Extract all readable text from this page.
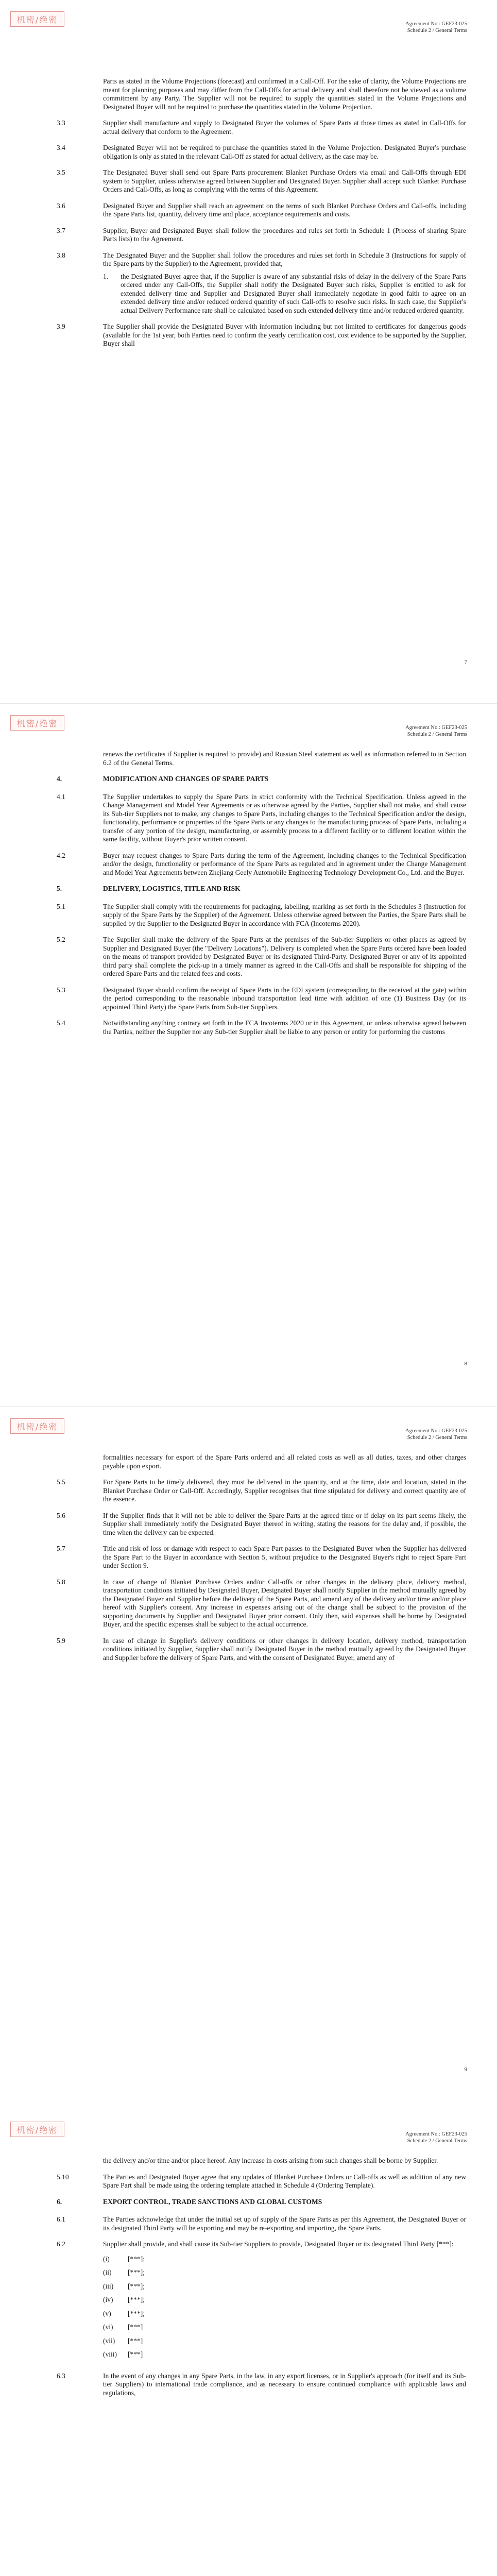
机密/绝密	Agreement No.: GEF23-025
Schedule 2 / General Terms
Parts as stated in the Volume Projections (forecast) and confirmed in a Call-Off. For the sake of clarity, the Volume Projections are meant for planning purposes and may differ from the Call-Offs for actual delivery and shall therefore not be viewed as a volume commitment by any Party. The Supplier will not be required to supply the quantities stated in the Volume Projections and Designated Buyer will not be required to purchase the quantities stated in the Volume Projection.
3.3	Supplier shall manufacture and supply to Designated Buyer the volumes of Spare Parts at those times as stated in Call-Offs for actual delivery that conform to the Agreement.
3.4	Designated Buyer will not be required to purchase the quantities stated in the Volume Projection. Designated Buyer's purchase obligation is only as stated in the relevant Call-Off as stated for actual delivery, as the case may be.
3.5	The Designated Buyer shall send out Spare Parts procurement Blanket Purchase Orders via email and Call-Offs through EDI system to Supplier, unless otherwise agreed between Supplier and Designated Buyer. Supplier shall accept such Blanket Purchase Orders and Call-Offs, as long as complying with the terms of this Agreement.
3.6	Designated Buyer and Supplier shall reach an agreement on the terms of such Blanket Purchase Orders and Call-offs, including the Spare Parts list, quantity, delivery time and place, acceptance requirements and costs.
3.7	Supplier, Buyer and Designated Buyer shall follow the procedures and rules set forth in Schedule 1 (Process of sharing Spare Parts lists) to the Agreement.
3.8	The Designated Buyer and the Supplier shall follow the procedures and rules set forth in Schedule 3 (Instructions for supply of the Spare parts by the Supplier) to the Agreement, provided that,
1.	the Designated Buyer agree that, if the Supplier is aware of any substantial risks of delay in the delivery of the Spare Parts ordered under any Call-Offs, the Supplier shall notify the Designated Buyer such risks, Supplier is entitled to ask for extended delivery time and Supplier and Designated Buyer shall immediately negotiate in good faith to agree on an extended delivery time and/or reduced ordered quantity of such Call-offs to resolve such risks. In such case, the Supplier's actual Delivery Performance rate shall be calculated based on such extended delivery time and/or reduced ordered quantity.
3.9	The Supplier shall provide the Designated Buyer with information including but not limited to certificates for dangerous goods (available for the 1st year, both Parties need to confirm the yearly certification cost, cost evidence to be supported by the Supplier, Buyer shall
7
机密/绝密	Agreement No.: GEF23-025
Schedule 2 / General Terms
renews the certificates if Supplier is required to provide) and Russian Steel statement as well as information referred to in Section 6.2 of the General Terms.
4.	MODIFICATION AND CHANGES OF SPARE PARTS
4.1	The Supplier undertakes to supply the Spare Parts in strict conformity with the Technical Specification. Unless agreed in the Change Management and Model Year Agreements or as otherwise agreed by the Parties, Supplier shall not make, and shall cause its Sub-tier Suppliers not to make, any changes to Spare Parts, including changes to the Technical Specification and/or the design, functionality, performance or properties of the Spare Parts or any changes to the manufacturing process of Spare Parts, including a transfer of any portion of the design, manufacturing, or assembly process to a different facility or to different location within the same facility, without Buyer's prior written consent.
4.2	Buyer may request changes to Spare Parts during the term of the Agreement, including changes to the Technical Specification and/or the design, functionality or performance of the Spare Parts as regulated and in agreement under the Change Management and Model Year Agreements between Zhejiang Geely Automobile Engineering Technology Development Co., Ltd. and the Buyer.
5.	DELIVERY, LOGISTICS, TITLE AND RISK
5.1	The Supplier shall comply with the requirements for packaging, labelling, marking as set forth in the Schedules 3 (Instruction for supply of the Spare Parts by the Supplier) of the Agreement. Unless otherwise agreed between the Parties, the Spare Parts shall be supplied by the Supplier to the Designated Buyer in accordance with FCA (Incoterms 2020).
5.2	The Supplier shall make the delivery of the Spare Parts at the premises of the Sub-tier Suppliers or other places as agreed by Supplier and Designated Buyer (the "Delivery Locations"). Delivery is completed when the Spare Parts ordered have been loaded on the means of transport provided by Designated Buyer or its designated Third-Party. Designated Buyer or any of its appointed third party shall complete the pick-up in a timely manner as agreed in the Call-Offs and shall be responsible for shipping of the ordered Spare Parts and the related fees and costs.
5.3	Designated Buyer should confirm the receipt of Spare Parts in the EDI system (corresponding to the received at the gate) within the period corresponding to the reasonable inbound transportation lead time with addition of one (1) Business Day (or its appointed Third Party) the Spare Parts from Sub-tier Suppliers.
5.4	Notwithstanding anything contrary set forth in the FCA Incoterms 2020 or in this Agreement, or unless otherwise agreed between the Parties, neither the Supplier nor any Sub-tier Supplier shall be liable to any person or entity for performing the customs
8
机密/绝密	Agreement No.: GEF23-025
Schedule 2 / General Terms
formalities necessary for export of the Spare Parts ordered and all related costs as well as all duties, taxes, and other charges payable upon export.
5.5	For Spare Parts to be timely delivered, they must be delivered in the quantity, and at the time, date and location, stated in the Blanket Purchase Order or Call-Off. Accordingly, Supplier recognises that time stipulated for delivery and correct quantity are of the essence.
5.6	If the Supplier finds that it will not be able to deliver the Spare Parts at the agreed time or if delay on its part seems likely, the Supplier shall immediately notify the Designated Buyer thereof in writing, stating the reasons for the delay and, if possible, the time when the delivery can be expected.
5.7	Title and risk of loss or damage with respect to each Spare Part passes to the Designated Buyer when the Supplier has delivered the Spare Part to the Buyer in accordance with Section 5, without prejudice to the Designated Buyer's right to reject Spare Part under Section 9.
5.8	In case of change of Blanket Purchase Orders and/or Call-offs or other changes in the delivery place, delivery method, transportation conditions initiated by Designated Buyer, Designated Buyer shall notify Supplier in the method mutually agreed by the Designated Buyer and Supplier before the delivery of the Spare Parts, and amend any of the delivery and/or time and/or place hereof with Supplier's consent. Any increase in expenses arising out of the change shall be subject to the provision of the supporting documents by Supplier and Designated Buyer prior consent. Only then, said expenses shall be borne by Designated Buyer, and the specific expenses shall be subject to the actual occurrence.
5.9	In case of change in Supplier's delivery conditions or other changes in delivery location, delivery method, transportation conditions initiated by Supplier, Supplier shall notify Designated Buyer in the method mutually agreed by the Designated Buyer and Supplier before the delivery of Spare Parts, and with the consent of Designated Buyer, amend any of
9
机密/绝密	Agreement No.: GEF23-025
Schedule 2 / General Terms
the delivery and/or time and/or place hereof. Any increase in costs arising from such changes shall be borne by Supplier.
5.10	The Parties and Designated Buyer agree that any updates of Blanket Purchase Orders or Call-offs as well as addition of any new Spare Part shall be made using the ordering template attached in Schedule 4 (Ordering Template).
6.	EXPORT CONTROL, TRADE SANCTIONS AND GLOBAL CUSTOMS
6.1	The Parties acknowledge that under the initial set up of supply of the Spare Parts as per this Agreement, the Designated Buyer or its designated Third Party will be exporting and may be re-exporting and importing, the Spare Parts.
6.2	Supplier shall provide, and shall cause its Sub-tier Suppliers to provide, Designated Buyer or its designated Third Party [***]:
(i)	[***];
(ii)	[***];
(iii)	[***];
(iv)	[***];
(v)	[***];
(vi)	[***]
(vii)	[***]
(viii)	[***]
6.3	In the event of any changes in any Spare Parts, in the law, in any export licenses, or in Supplier's approach (for itself and its Sub-tier Suppliers) to international trade compliance, and as necessary to ensure continued compliance with applicable laws and regulations,
